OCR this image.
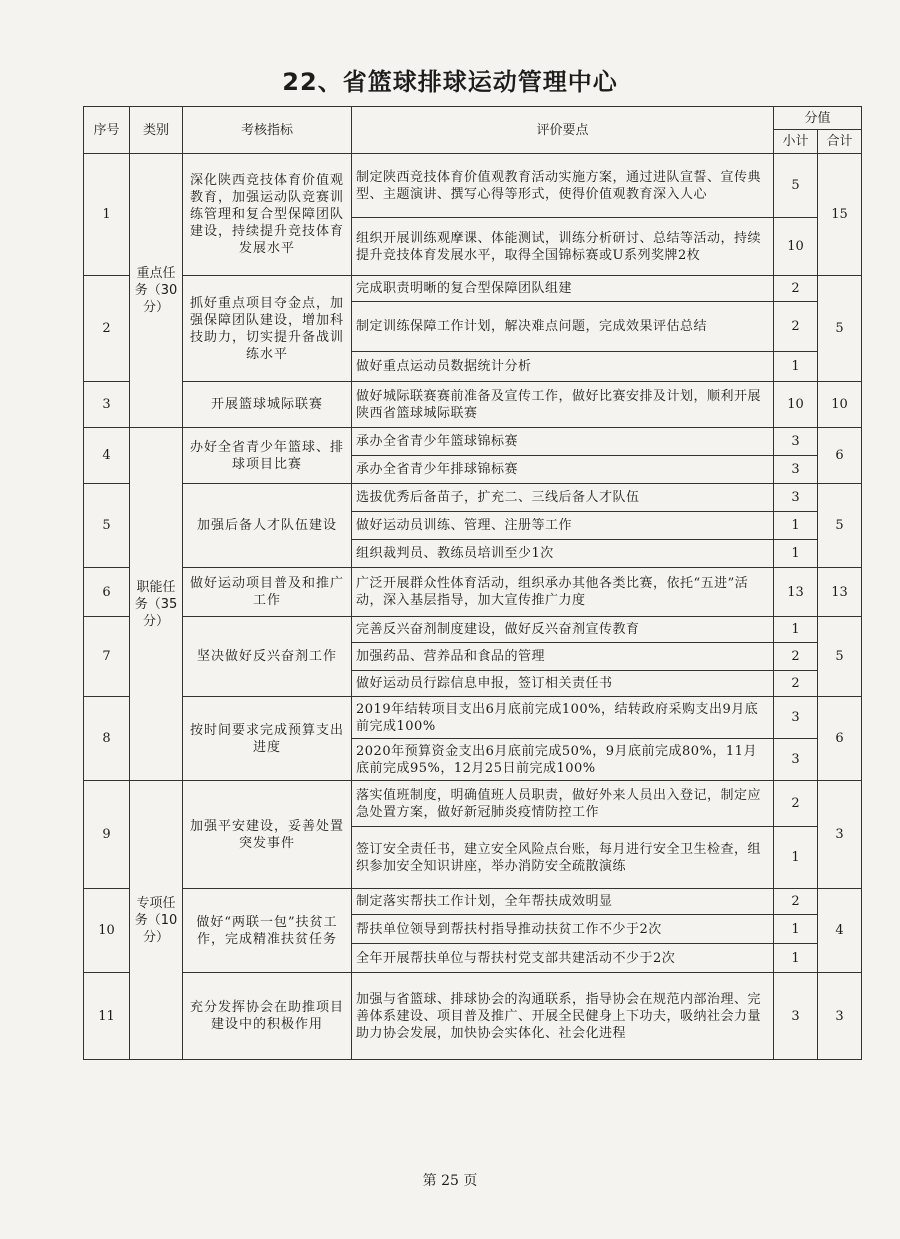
22、省篮球排球运动管理中心
序号	类别	考核指标	评价要点	分值	
				小计	合计
1	重点任务（30分）	深化陕西竞技体育价值观教育，加强运动队竞赛训练管理和复合型保障团队建设，持续提升竞技体育发展水平	制定陕西竞技体育价值观教育活动实施方案，通过进队宣誓、宣传典型、主题演讲、撰写心得等形式，使得价值观教育深入人心	5	15
			组织开展训练观摩课、体能测试，训练分析研讨、总结等活动，持续提升竞技体育发展水平，取得全国锦标赛或U系列奖牌2枚	10	
2		抓好重点项目夺金点，加强保障团队建设，增加科技助力，切实提升备战训练水平	完成职责明晰的复合型保障团队组建	2	5
			制定训练保障工作计划，解决难点问题，完成效果评估总结	2	
			做好重点运动员数据统计分析	1	
3		开展篮球城际联赛	做好城际联赛赛前准备及宣传工作，做好比赛安排及计划，顺利开展陕西省篮球城际联赛	10	10
4	职能任务（35分）	办好全省青少年篮球、排球项目比赛	承办全省青少年篮球锦标赛	3	6
			承办全省青少年排球锦标赛	3	
5		加强后备人才队伍建设	选拔优秀后备苗子，扩充二、三线后备人才队伍	3	5
			做好运动员训练、管理、注册等工作	1	
			组织裁判员、教练员培训至少1次	1	
6		做好运动项目普及和推广工作	广泛开展群众性体育活动，组织承办其他各类比赛，依托“五进”活动，深入基层指导，加大宣传推广力度	13	13
7		坚决做好反兴奋剂工作	完善反兴奋剂制度建设，做好反兴奋剂宣传教育	1	5
			加强药品、营养品和食品的管理	2	
			做好运动员行踪信息申报，签订相关责任书	2	
8		按时间要求完成预算支出进度	2019年结转项目支出6月底前完成100%，结转政府采购支出9月底前完成100%	3	6
			2020年预算资金支出6月底前完成50%，9月底前完成80%，11月底前完成95%，12月25日前完成100%	3	
9	专项任务（10分）	加强平安建设，妥善处置突发事件	落实值班制度，明确值班人员职责，做好外来人员出入登记，制定应急处置方案，做好新冠肺炎疫情防控工作	2	3
			签订安全责任书，建立安全风险点台账，每月进行安全卫生检查，组织参加安全知识讲座，举办消防安全疏散演练	1	
10		做好“两联一包”扶贫工作，完成精准扶贫任务	制定落实帮扶工作计划，全年帮扶成效明显	2	4
			帮扶单位领导到帮扶村指导推动扶贫工作不少于2次	1	
			全年开展帮扶单位与帮扶村党支部共建活动不少于2次	1	
11		充分发挥协会在助推项目建设中的积极作用	加强与省篮球、排球协会的沟通联系，指导协会在规范内部治理、完善体系建设、项目普及推广、开展全民健身上下功夫，吸纳社会力量助力协会发展，加快协会实体化、社会化进程	3	3
第 25 页
